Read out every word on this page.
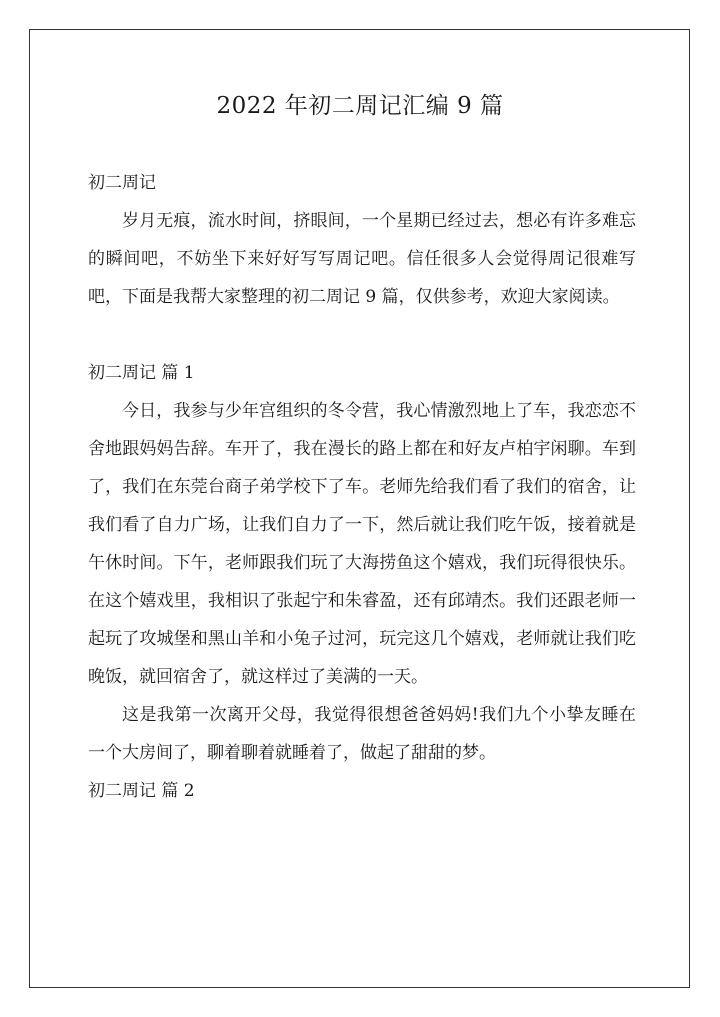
2022 年初二周记汇编 9 篇

初二周记

岁月无痕，流水时间，挤眼间，一个星期已经过去，想必有许多难忘的瞬间吧，不妨坐下来好好写写周记吧。信任很多人会觉得周记很难写吧，下面是我帮大家整理的初二周记 9 篇，仅供参考，欢迎大家阅读。

初二周记 篇 1

今日，我参与少年宫组织的冬令营，我心情激烈地上了车，我恋恋不舍地跟妈妈告辞。车开了，我在漫长的路上都在和好友卢柏宇闲聊。车到了，我们在东莞台商子弟学校下了车。老师先给我们看了我们的宿舍，让我们看了自力广场，让我们自力了一下，然后就让我们吃午饭，接着就是午休时间。下午，老师跟我们玩了大海捞鱼这个嬉戏，我们玩得很快乐。在这个嬉戏里，我相识了张起宁和朱睿盈，还有邱靖杰。我们还跟老师一起玩了攻城堡和黑山羊和小兔子过河，玩完这几个嬉戏，老师就让我们吃晚饭，就回宿舍了，就这样过了美满的一天。

这是我第一次离开父母，我觉得很想爸爸妈妈!我们九个小挚友睡在一个大房间了，聊着聊着就睡着了，做起了甜甜的梦。

初二周记 篇 2
